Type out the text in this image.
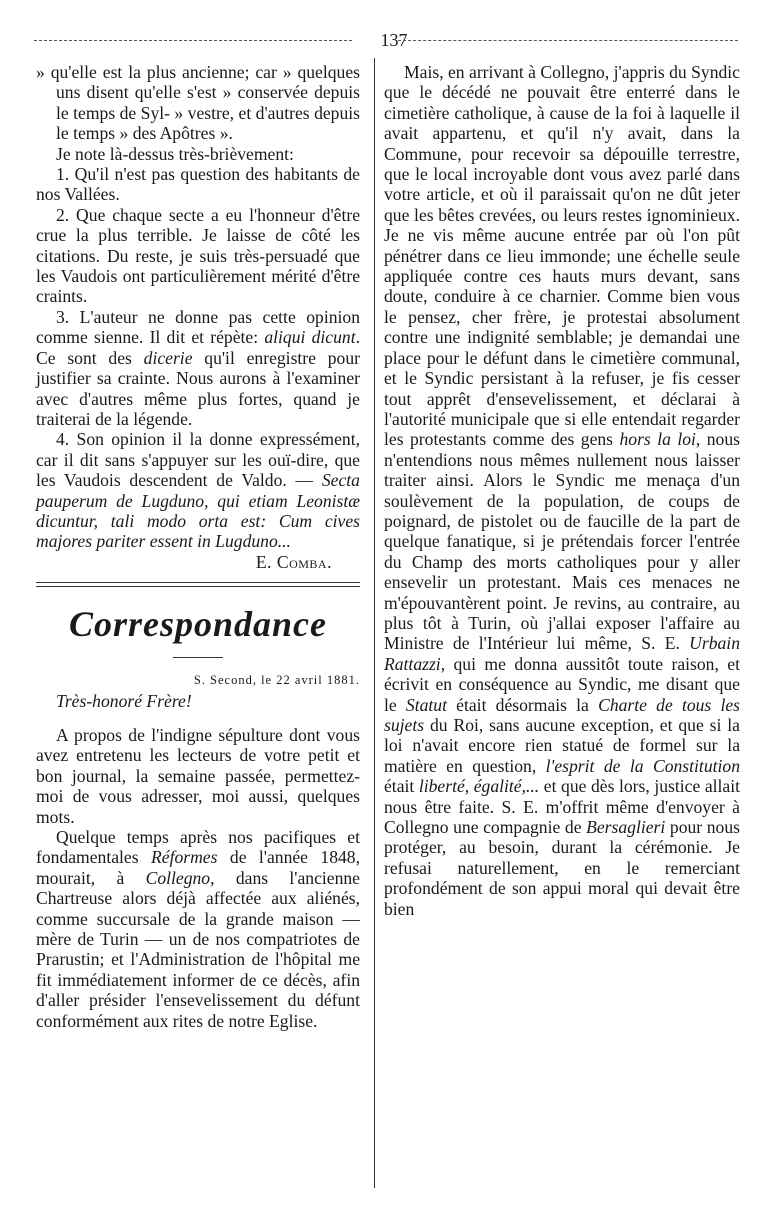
137

» qu'elle est la plus ancienne; car » quelques uns disent qu'elle s'est » conservée depuis le temps de Syl- » vestre, et d'autres depuis le temps » des Apôtres ».

Je note là-dessus très-brièvement:

1. Qu'il n'est pas question des habitants de nos Vallées.

2. Que chaque secte a eu l'honneur d'être crue la plus terrible. Je laisse de côté les citations. Du reste, je suis très-persuadé que les Vaudois ont particulièrement mérité d'être craints.

3. L'auteur ne donne pas cette opinion comme sienne. Il dit et répète: aliqui dicunt. Ce sont des dicerie qu'il enregistre pour justifier sa crainte. Nous aurons à l'examiner avec d'autres même plus fortes, quand je traiterai de la légende.

4. Son opinion il la donne expressément, car il dit sans s'appuyer sur les ouï-dire, que les Vaudois descendent de Valdo. — Secta pauperum de Lugduno, qui etiam Leonistæ dicuntur, tali modo orta est: Cum cives majores pariter essent in Lugduno...

E. Comba.

Correspondance

S. Second, le 22 avril 1881.

Très-honoré Frère!

A propos de l'indigne sépulture dont vous avez entretenu les lecteurs de votre petit et bon journal, la semaine passée, permettez-moi de vous adresser, moi aussi, quelques mots.

Quelque temps après nos pacifiques et fondamentales Réformes de l'année 1848, mourait, à Collegno, dans l'ancienne Chartreuse alors déjà affectée aux aliénés, comme succursale de la grande maison — mère de Turin — un de nos compatriotes de Prarustin; et l'Administration de l'hôpital me fit immédiatement informer de ce décès, afin d'aller présider l'ensevelissement du défunt conformément aux rites de notre Eglise.

Mais, en arrivant à Collegno, j'appris du Syndic que le décédé ne pouvait être enterré dans le cimetière catholique, à cause de la foi à laquelle il avait appartenu, et qu'il n'y avait, dans la Commune, pour recevoir sa dépouille terrestre, que le local incroyable dont vous avez parlé dans votre article, et où il paraissait qu'on ne dût jeter que les bêtes crevées, ou leurs restes ignominieux. Je ne vis même aucune entrée par où l'on pût pénétrer dans ce lieu immonde; une échelle seule appliquée contre ces hauts murs devant, sans doute, conduire à ce charnier. Comme bien vous le pensez, cher frère, je protestai absolument contre une indignité semblable; je demandai une place pour le défunt dans le cimetière communal, et le Syndic persistant à la refuser, je fis cesser tout apprêt d'ensevelissement, et déclarai à l'autorité municipale que si elle entendait regarder les protestants comme des gens hors la loi, nous n'entendions nous mêmes nullement nous laisser traiter ainsi. Alors le Syndic me menaça d'un soulèvement de la population, de coups de poignard, de pistolet ou de faucille de la part de quelque fanatique, si je prétendais forcer l'entrée du Champ des morts catholiques pour y aller ensevelir un protestant. Mais ces menaces ne m'épouvantèrent point. Je revins, au contraire, au plus tôt à Turin, où j'allai exposer l'affaire au Ministre de l'Intérieur lui même, S. E. Urbain Rattazzi, qui me donna aussitôt toute raison, et écrivit en conséquence au Syndic, me disant que le Statut était désormais la Charte de tous les sujets du Roi, sans aucune exception, et que si la loi n'avait encore rien statué de formel sur la matière en question, l'esprit de la Constitution était liberté, égalité,... et que dès lors, justice allait nous être faite. S. E. m'offrit même d'envoyer à Collegno une compagnie de Bersaglieri pour nous protéger, au besoin, durant la cérémonie. Je refusai naturellement, en le remerciant profondément de son appui moral qui devait être bien
